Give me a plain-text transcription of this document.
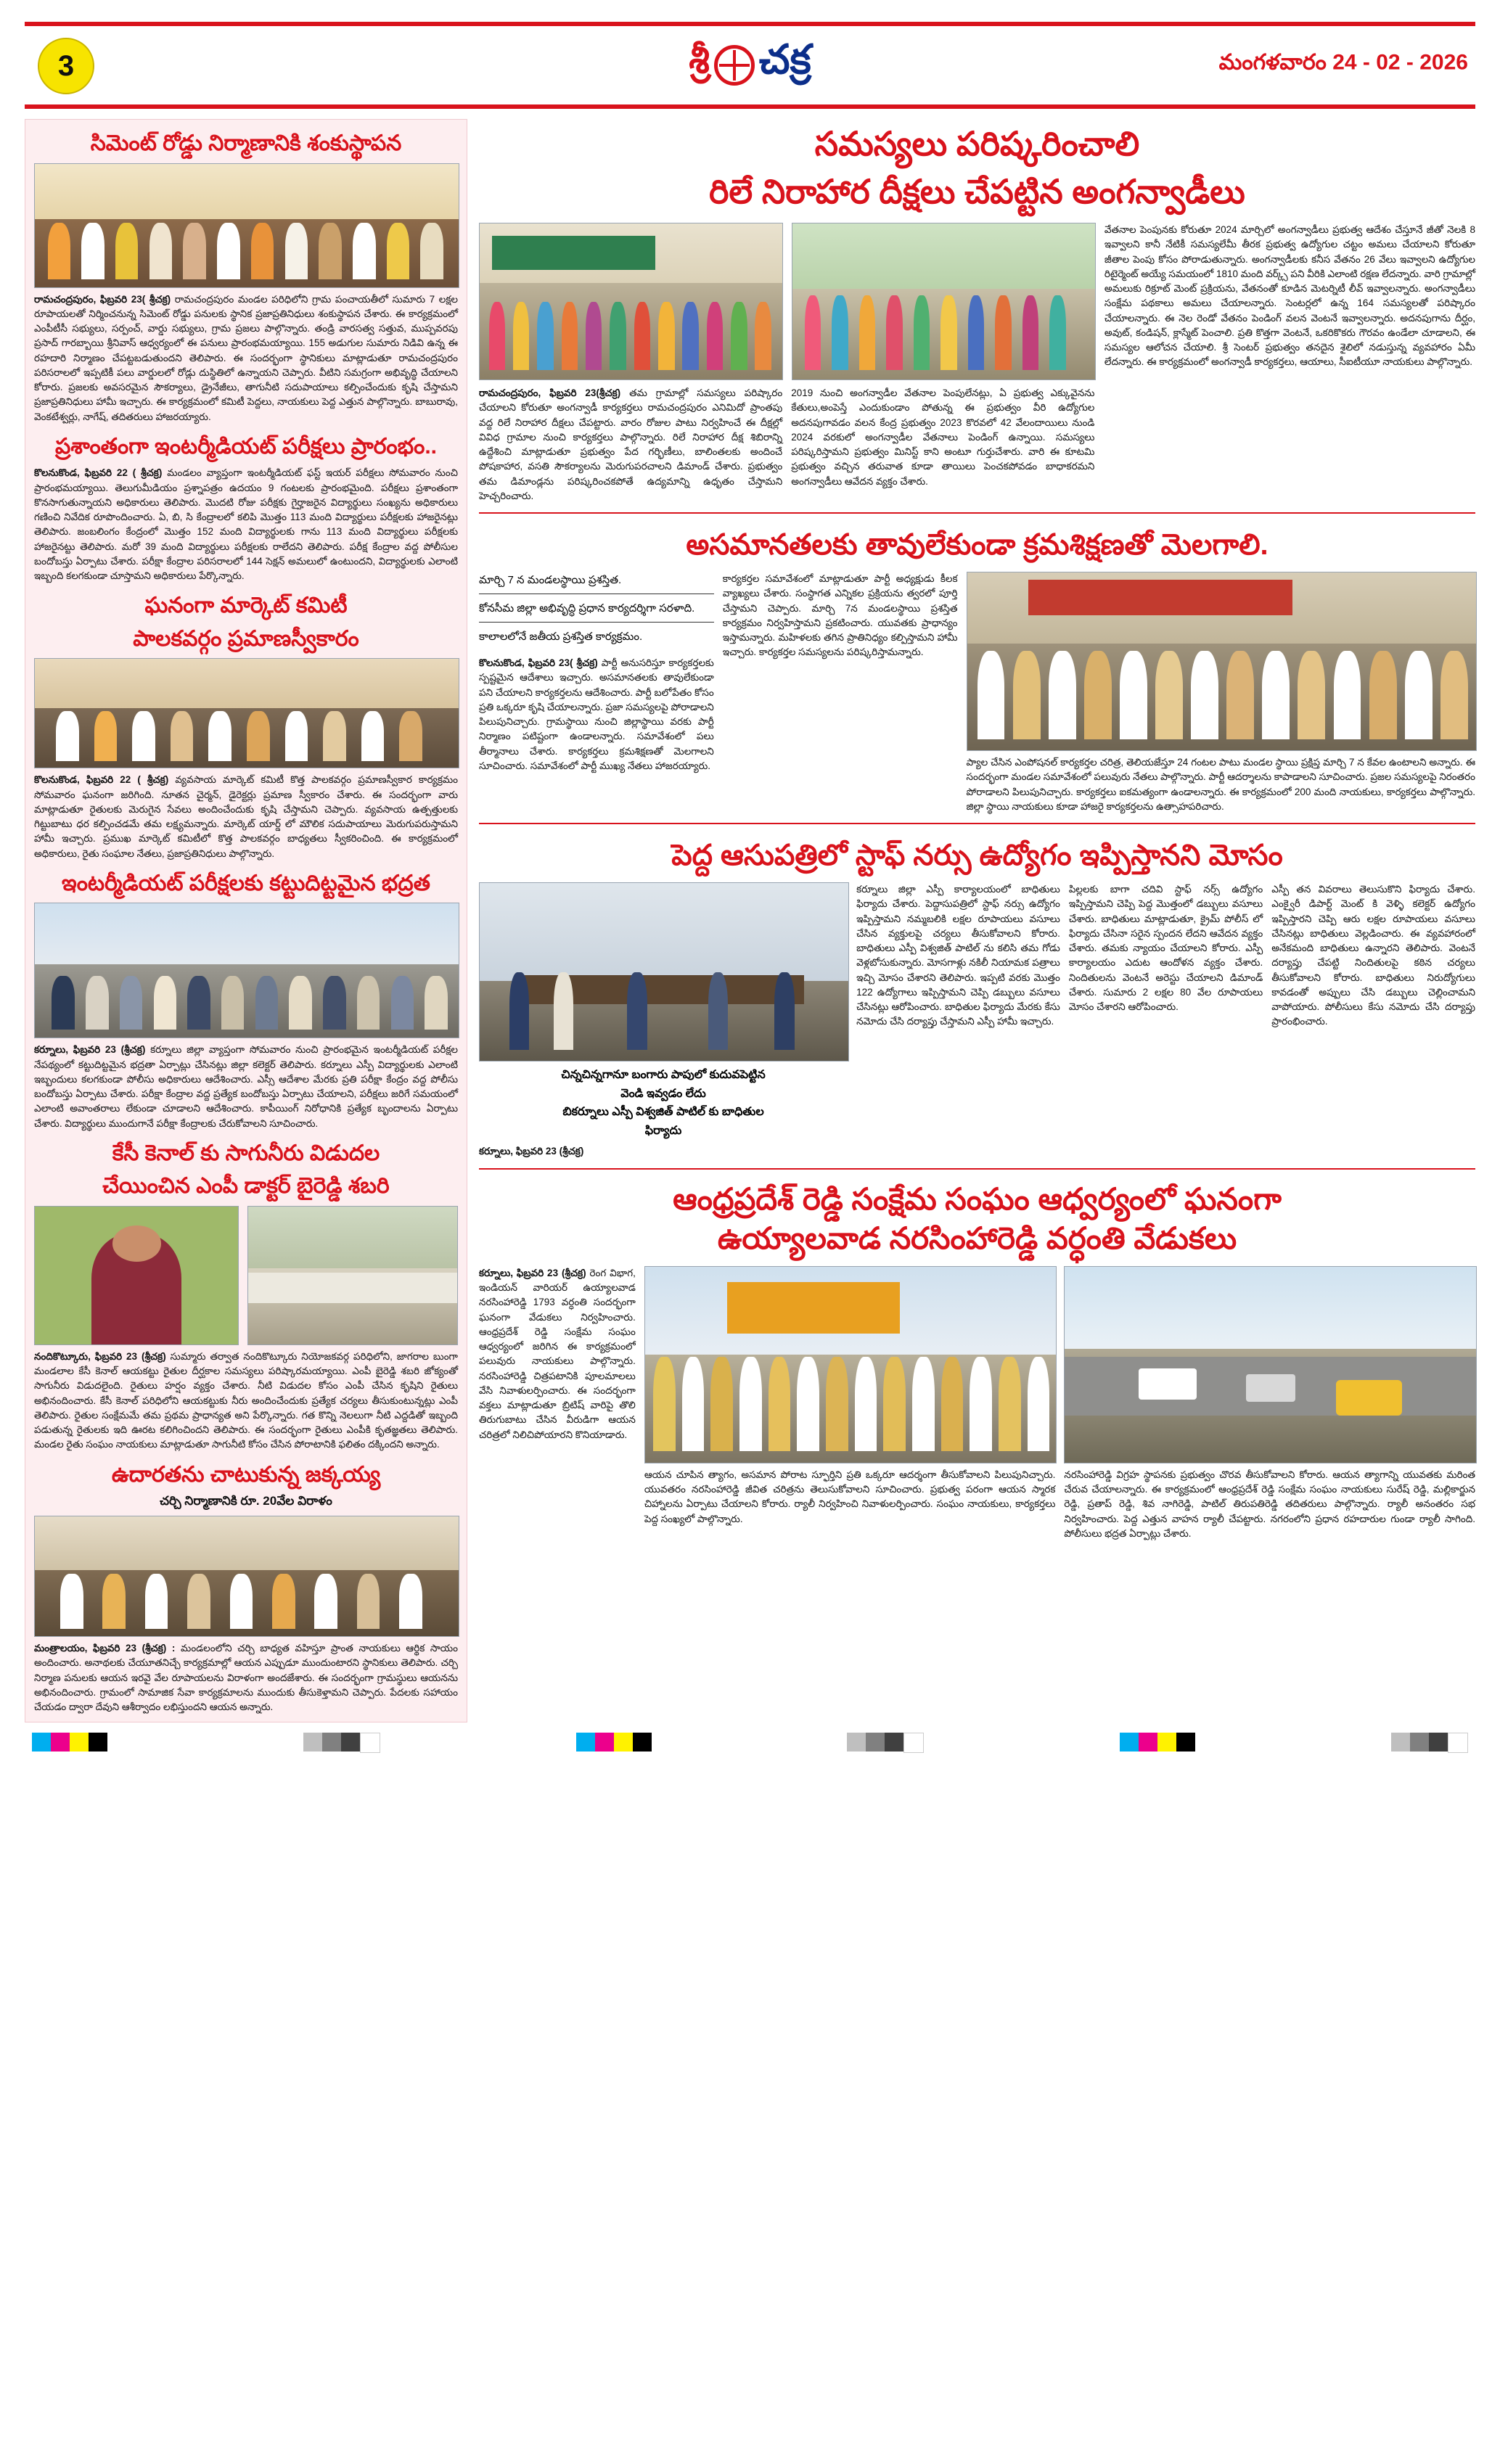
3	శ్రీ చక్ర	మంగళవారం 24 - 02 - 2026
సిమెంట్ రోడ్డు నిర్మాణానికి శంకుస్థాపన
రామచంద్రపురం, ఫిబ్రవరి 23( శ్రీచక్ర) రామచంద్రపురం మండల పరిధిలోని గ్రామ పంచాయతీలో సుమారు 7 లక్షల రూపాయలతో నిర్మించనున్న సిమెంట్ రోడ్డు పనులకు స్థానిక ప్రజాప్రతినిధులు శంకుస్థాపన చేశారు. ఈ కార్యక్రమంలో ఎంపీటీసీ సభ్యులు, సర్పంచ్, వార్డు సభ్యులు, గ్రామ ప్రజలు పాల్గొన్నారు. తండ్రి వారసత్వ సత్తువ, ముప్పవరపు ప్రసాద్ గారబ్బాయి శ్రీనివాస్ ఆధ్వర్యంలో ఈ పనులు ప్రారంభమయ్యాయి. 155 అడుగుల సుమారు నిడివి ఉన్న ఈ రహదారి నిర్మాణం చేపట్టబడుతుందని తెలిపారు. ఈ సందర్భంగా స్థానికులు మాట్లాడుతూ రామచంద్రపురం పరిసరాలలో ఇప్పటికీ పలు వార్డులలో రోడ్లు దుస్థితిలో ఉన్నాయని చెప్పారు. వీటిని సమగ్రంగా అభివృద్ధి చేయాలని కోరారు. ప్రజలకు అవసరమైన సౌకర్యాలు, డ్రైనేజీలు, తాగునీటి సదుపాయాలు కల్పించేందుకు కృషి చేస్తామని ప్రజాప్రతినిధులు హామీ ఇచ్చారు. ఈ కార్యక్రమంలో కమిటీ పెద్దలు, నాయకులు పెద్ద ఎత్తున పాల్గొన్నారు. బాబురావు, వెంకటేశ్వర్లు, నాగేష్, తదితరులు హాజరయ్యారు.
ప్రశాంతంగా ఇంటర్మీడియట్ పరీక్షలు ప్రారంభం..
కొలనుకొండ, ఫిబ్రవరి 22 ( శ్రీచక్ర) మండలం వ్యాప్తంగా ఇంటర్మీడియట్ ఫస్ట్ ఇయర్ పరీక్షలు సోమవారం నుంచి ప్రారంభమయ్యాయి. తెలుగుమీడియం ప్రశ్నాపత్రం ఉదయం 9 గంటలకు ప్రారంభమైంది. పరీక్షలు ప్రశాంతంగా కొనసాగుతున్నాయని అధికారులు తెలిపారు. మొదటి రోజు పరీక్షకు గైర్హాజరైన విద్యార్థులు సంఖ్యను అధికారులు గణించి నివేదిక రూపొందించారు. ఏ, బి, సి కేంద్రాలలో కలిపి మొత్తం 113 మంది విద్యార్థులు పరీక్షలకు హాజరైనట్లు తెలిపారు. జంబలింగం కేంద్రంలో మొత్తం 152 మంది విద్యార్థులకు గాను 113 మంది విద్యార్థులు పరీక్షలకు హాజరైనట్టు తెలిపారు. మరో 39 మంది విద్యార్థులు పరీక్షలకు రాలేదని తెలిపారు. పరీక్ష కేంద్రాల వద్ద పోలీసుల బందోబస్తు ఏర్పాటు చేశారు. పరీక్షా కేంద్రాల పరిసరాలలో 144 సెక్షన్ అమలులో ఉంటుందని, విద్యార్థులకు ఎలాంటి ఇబ్బంది కలగకుండా చూస్తామని అధికారులు పేర్కొన్నారు.
ఘనంగా మార్కెట్ కమిటీ
పాలకవర్గం ప్రమాణస్వీకారం
కొలనుకొండ, ఫిబ్రవరి 22 ( శ్రీచక్ర) వ్యవసాయ మార్కెట్ కమిటీ కొత్త పాలకవర్గం ప్రమాణస్వీకార కార్యక్రమం సోమవారం ఘనంగా జరిగింది. నూతన చైర్మన్, డైరెక్టర్లు ప్రమాణ స్వీకారం చేశారు. ఈ సందర్భంగా వారు మాట్లాడుతూ రైతులకు మెరుగైన సేవలు అందించేందుకు కృషి చేస్తామని చెప్పారు. వ్యవసాయ ఉత్పత్తులకు గిట్టుబాటు ధర కల్పించడమే తమ లక్ష్యమన్నారు. మార్కెట్ యార్డ్ లో మౌలిక సదుపాయాలు మెరుగుపరుస్తామని హామీ ఇచ్చారు. ప్రముఖ మార్కెట్ కమిటీలో కొత్త పాలకవర్గం బాధ్యతలు స్వీకరించింది. ఈ కార్యక్రమంలో అధికారులు, రైతు సంఘాల నేతలు, ప్రజాప్రతినిధులు పాల్గొన్నారు.
ఇంటర్మీడియట్ పరీక్షలకు కట్టుదిట్టమైన భద్రత
కర్నూలు, ఫిబ్రవరి 23 (శ్రీచక్ర) కర్నూలు జిల్లా వ్యాప్తంగా సోమవారం నుంచి ప్రారంభమైన ఇంటర్మీడియట్ పరీక్షల నేపథ్యంలో కట్టుదిట్టమైన భద్రతా ఏర్పాట్లు చేసినట్లు జిల్లా కలెక్టర్ తెలిపారు. కర్నూలు ఎస్పీ విద్యార్థులకు ఎలాంటి ఇబ్బందులు కలగకుండా పోలీసు అధికారులు ఆదేశించారు. ఎస్సీ ఆదేశాల మేరకు ప్రతి పరీక్షా కేంద్రం వద్ద పోలీసు బందోబస్తు ఏర్పాటు చేశారు. పరీక్షా కేంద్రాల వద్ద ప్రత్యేక బందోబస్తు ఏర్పాటు చేయాలని, పరీక్షలు జరిగే సమయంలో ఎలాంటి అవాంతరాలు లేకుండా చూడాలని ఆదేశించారు. కాపీయింగ్ నిరోధానికి ప్రత్యేక బృందాలను ఏర్పాటు చేశారు. విద్యార్థులు ముందుగానే పరీక్షా కేంద్రాలకు చేరుకోవాలని సూచించారు.
కేసీ కెనాల్ కు సాగునీరు విడుదల
చేయించిన ఎంపీ డాక్టర్ బైరెడ్డి శబరి
నందికొట్కూరు, ఫిబ్రవరి 23 (శ్రీచక్ర) సుమ్మారు తర్వాత నందికొట్కూరు నియోజకవర్గ పరిధిలోని, జాగరాల బుంగా మండలాల కేసీ కెనాల్ ఆయకట్టు రైతుల దీర్ఘకాల సమస్యలు పరిష్కారమయ్యాయి. ఎంపీ బైరెడ్డి శబరి జోక్యంతో సాగునీరు విడుదలైంది. రైతులు హర్షం వ్యక్తం చేశారు. నీటి విడుదల కోసం ఎంపీ చేసిన కృషిని రైతులు అభినందించారు. కేసీ కెనాల్ పరిధిలోని ఆయకట్టుకు నీరు అందించేందుకు ప్రత్యేక చర్యలు తీసుకుంటున్నట్లు ఎంపీ తెలిపారు. రైతుల సంక్షేమమే తమ ప్రథమ ప్రాధాన్యత అని పేర్కొన్నారు. గత కొన్ని నెలలుగా నీటి ఎద్దడితో ఇబ్బంది పడుతున్న రైతులకు ఇది ఊరట కలిగించిందని తెలిపారు. ఈ సందర్భంగా రైతులు ఎంపీకి కృతజ్ఞతలు తెలిపారు. మండల రైతు సంఘం నాయకులు మాట్లాడుతూ సాగునీటి కోసం చేసిన పోరాటానికి ఫలితం దక్కిందని అన్నారు.
ఉదారతను చాటుకున్న జక్కయ్య
చర్చి నిర్మాణానికి రూ. 20వేల విరాళం
మంత్రాలయం, ఫిబ్రవరి 23 (శ్రీచక్ర) : మండలంలోని చర్చి బాధ్యత వహిస్తూ ప్రాంత నాయకులు ఆర్థిక సాయం అందించారు. అనాథలకు చేయూతనిచ్చే కార్యక్రమాల్లో ఆయన ఎప్పుడూ ముందుంటారని స్థానికులు తెలిపారు. చర్చి నిర్మాణ పనులకు ఆయన ఇరవై వేల రూపాయలను విరాళంగా అందజేశారు. ఈ సందర్భంగా గ్రామస్థులు ఆయనను అభినందించారు. గ్రామంలో సామాజిక సేవా కార్యక్రమాలను ముందుకు తీసుకెళ్తామని చెప్పారు. పేదలకు సహాయం చేయడం ద్వారా దేవుని ఆశీర్వాదం లభిస్తుందని ఆయన అన్నారు.
సమస్యలు పరిష్కరించాలి
రిలే నిరాహార దీక్షలు చేపట్టిన అంగన్వాడీలు
వేతనాల పెంపునకు కోరుతూ 2024 మార్చిలో అంగన్వాడీలు ప్రభుత్వ ఆదేశం చేస్తూనే జీతో నెలకి 8 ఇవ్వాలని కానీ నేటికీ సమస్యలేమీ తీరక ప్రభుత్వ ఉద్యోగుల చట్టం అమలు చేయాలని కోరుతూ జీతాల పెంపు కోసం పోరాడుతున్నారు. అంగన్వాడీలకు కనీస వేతనం 26 వేలు ఇవ్వాలని ఉద్యోగుల రిటైర్మెంట్ అయ్యే సమయంలో 1810 మంది వర్క్స్ పని వీరికి ఎలాంటి రక్షణ లేదన్నారు. వారి గ్రామాల్లో అమలుకు రిక్రూట్ మెంట్ ప్రక్రియను, వేతనంతో కూడిన మెటర్నిటీ లీవ్ ఇవ్వాలన్నారు. అంగన్వాడీలు సంక్షేమ పథకాలు అమలు చేయాలన్నారు. సెంటర్లలో ఉన్న 164 సమస్యలతో పరిష్కారం చేయాలన్నారు. ఈ నెల రెండో వేతనం పెండింగ్ వలన వెంటనే ఇవ్వాలన్నారు. అదనపుగాను దీర్ఘం, అవుట్, కండిషన్, క్లాస్మేట్ పెంచాలి. ప్రతి కొత్తగా వెంటనే, ఒకరికొకరు గౌరవం ఉండేలా చూడాలని, ఈ సమస్యల ఆలోచన చేయాలి. శ్రీ సెంటర్ ప్రభుత్వం తనదైన శైలిలో నడుస్తున్న వ్యవహారం ఏమీ లేదన్నారు. ఈ కార్యక్రమంలో అంగన్వాడీ కార్యకర్తలు, ఆయాలు, సీఐటీయూ నాయకులు పాల్గొన్నారు.
రామచంద్రపురం, ఫిబ్రవరి 23(శ్రీచక్ర) తమ గ్రామాల్లో సమస్యలు పరిష్కారం చేయాలని కోరుతూ అంగన్వాడీ కార్యకర్తలు రామచంద్రపురం ఎనిమిదో ప్రాంతపు వద్ద రిలే నిరాహార దీక్షలు చేపట్టారు. వారం రోజుల పాటు నిర్వహించే ఈ దీక్షల్లో వివిధ గ్రామాల నుంచి కార్యకర్తలు పాల్గొన్నారు. రిలే నిరాహార దీక్ష శిబిరాన్ని ఉద్దేశించి మాట్లాడుతూ ప్రభుత్వం పేద గర్భిణీలు, బాలింతలకు అందించే పోషకాహార, వసతి సౌకర్యాలను మెరుగుపరచాలని డిమాండ్ చేశారు. ప్రభుత్వం తమ డిమాండ్లను పరిష్కరించకపోతే ఉద్యమాన్ని ఉధృతం చేస్తామని హెచ్చరించారు.
2019 నుంచి అంగన్వాడీల వేతనాల పెంపులేనట్లు, ఏ ప్రభుత్వ ఎక్కువైనను కేతులు,అంపెస్తే ఎందుకుండాం పోతున్న ఈ ప్రభుత్వం వీరి ఉద్యోగుల అదనపుగావడం వలన కేంద్ర ప్రభుత్వం 2023 కొరవలో 42 వేలందాయిలు నుండి 2024 వరకులో అంగన్వాడీల వేతనాలు పెండింగ్ ఉన్నాయి. సమస్యలు పరిష్కరిస్తామని ప్రభుత్వం మినిస్ట్ కాని అంటూ గుర్తుచేశారు. వారి ఈ కూటమి ప్రభుత్వం వచ్చిన తరువాత కూడా తాయిలు పెంచకపోవడం బాధాకరమని అంగన్వాడీలు ఆవేదన వ్యక్తం చేశారు.
అసమానతలకు తావులేకుండా క్రమశిక్షణతో మెలగాలి.
మార్చి 7 న మండలస్థాయి ప్రశస్తిత.
కోనసీమ జిల్లా అభివృద్ధి ప్రధాన కార్యదర్శిగా సరళాది.
కాలాలలోనే జతీయ ప్రశస్తిత కార్యక్రమం.
కొలనుకొండ, ఫిబ్రవరి 23( శ్రీచక్ర) పార్టీ అనుసరిస్తూ కార్యకర్తలకు స్పష్టమైన ఆదేశాలు ఇచ్చారు. అసమానతలకు తావులేకుండా పని చేయాలని కార్యకర్తలను ఆదేశించారు. పార్టీ బలోపేతం కోసం ప్రతి ఒక్కరూ కృషి చేయాలన్నారు. ప్రజా సమస్యలపై పోరాడాలని పిలుపునిచ్చారు. గ్రామస్థాయి నుంచి జిల్లాస్థాయి వరకు పార్టీ నిర్మాణం పటిష్టంగా ఉండాలన్నారు. సమావేశంలో పలు తీర్మానాలు చేశారు. కార్యకర్తలు క్రమశిక్షణతో మెలగాలని సూచించారు. సమావేశంలో పార్టీ ముఖ్య నేతలు హాజరయ్యారు.
కార్యకర్తల సమావేశంలో మాట్లాడుతూ పార్టీ అధ్యక్షుడు కీలక వ్యాఖ్యలు చేశారు. సంస్థాగత ఎన్నికల ప్రక్రియను త్వరలో పూర్తి చేస్తామని చెప్పారు. మార్చి 7న మండలస్థాయి ప్రశస్తిత కార్యక్రమం నిర్వహిస్తామని ప్రకటించారు. యువతకు ప్రాధాన్యం ఇస్తామన్నారు. మహిళలకు తగిన ప్రాతినిధ్యం కల్పిస్తామని హామీ ఇచ్చారు. కార్యకర్తల సమస్యలను పరిష్కరిస్తామన్నారు.
ప్యాల చేసిన ఎంపోషనల్ కార్యకర్తల చరిత్ర, తెలియజేస్తూ 24 గంటల పాటు మండల స్థాయి ప్రక్షిప్త మార్చి 7 న కేవల ఉంటాలని అన్నారు. ఈ సందర్భంగా మండల సమావేశంలో పలువురు నేతలు పాల్గొన్నారు. పార్టీ ఆదర్శాలను కాపాడాలని సూచించారు. ప్రజల సమస్యలపై నిరంతరం పోరాడాలని పిలుపునిచ్చారు. కార్యకర్తలు ఐకమత్యంగా ఉండాలన్నారు. ఈ కార్యక్రమంలో 200 మంది నాయకులు, కార్యకర్తలు పాల్గొన్నారు. జిల్లా స్థాయి నాయకులు కూడా హాజరై కార్యకర్తలను ఉత్సాహపరిచారు.
పెద్ద ఆసుపత్రిలో స్టాఫ్ నర్సు ఉద్యోగం ఇప్పిస్తానని మోసం
చిన్నచిన్నగానూ బంగారు పాపులో కుదువపెట్టిన
వెండి ఇవ్వడం లేదు
బికర్నూలు ఎస్పీ విశ్వజిత్ పాటిల్ కు బాధితుల
ఫిర్యాదు
కర్నూలు, ఫిబ్రవరి 23 (శ్రీచక్ర)
కర్నూలు జిల్లా ఎస్పీ కార్యాలయంలో బాధితులు ఫిర్యాదు చేశారు. పెద్దాసుపత్రిలో స్టాఫ్ నర్సు ఉద్యోగం ఇప్పిస్తామని నమ్మబలికి లక్షల రూపాయలు వసూలు చేసిన వ్యక్తులపై చర్యలు తీసుకోవాలని కోరారు. బాధితులు ఎస్పీ విశ్వజిత్ పాటిల్ ను కలిసి తమ గోడు వెళ్లబోసుకున్నారు. మోసగాళ్లు నకిలీ నియామక పత్రాలు ఇచ్చి మోసం చేశారని తెలిపారు. ఇప్పటి వరకు మొత్తం 122 ఉద్యోగాలు ఇప్పిస్తామని చెప్పి డబ్బులు వసూలు చేసినట్లు ఆరోపించారు. బాధితుల ఫిర్యాదు మేరకు కేసు నమోదు చేసి దర్యాప్తు చేస్తామని ఎస్పీ హామీ ఇచ్చారు.
పిల్లలకు బాగా చదివి స్టాఫ్ నర్స్ ఉద్యోగం ఇప్పిస్తామని చెప్పి పెద్ద మొత్తంలో డబ్బులు వసూలు చేశారు. బాధితులు మాట్లాడుతూ, క్రైమ్ పోలీస్ లో ఫిర్యాదు చేసినా సరైన స్పందన లేదని ఆవేదన వ్యక్తం చేశారు. తమకు న్యాయం చేయాలని కోరారు. ఎస్పీ కార్యాలయం ఎదుట ఆందోళన వ్యక్తం చేశారు. నిందితులను వెంటనే అరెస్టు చేయాలని డిమాండ్ చేశారు. సుమారు 2 లక్షల 80 వేల రూపాయలు మోసం చేశారని ఆరోపించారు.
ఎస్పీ తన వివరాలు తెలుసుకొని ఫిర్యాదు చేశారు. ఎంక్వైరీ డిపార్ట్ మెంట్ కి వెళ్ళి కలెక్టర్ ఉద్యోగం ఇప్పిస్తారని చెప్పి ఆరు లక్షల రూపాయలు వసూలు చేసినట్లు బాధితులు వెల్లడించారు. ఈ వ్యవహారంలో అనేకమంది బాధితులు ఉన్నారని తెలిపారు. వెంటనే దర్యాప్తు చేపట్టి నిందితులపై కఠిన చర్యలు తీసుకోవాలని కోరారు. బాధితులు నిరుద్యోగులు కావడంతో అప్పులు చేసి డబ్బులు చెల్లించామని వాపోయారు. పోలీసులు కేసు నమోదు చేసి దర్యాప్తు ప్రారంభించారు.
ఆంధ్రప్రదేశ్ రెడ్డి సంక్షేమ సంఘం ఆధ్వర్యంలో ఘనంగా
ఉయ్యాలవాడ నరసింహారెడ్డి వర్ధంతి వేడుకలు
కర్నూలు, ఫిబ్రవరి 23 (శ్రీచక్ర) రెంగ విభాగ, ఇండియన్ వారియర్ ఉయ్యాలవాడ నరసింహారెడ్డి 1793 వర్ధంతి సందర్భంగా ఘనంగా వేడుకలు నిర్వహించారు. ఆంధ్రప్రదేశ్ రెడ్డి సంక్షేమ సంఘం ఆధ్వర్యంలో జరిగిన ఈ కార్యక్రమంలో పలువురు నాయకులు పాల్గొన్నారు. నరసింహారెడ్డి చిత్రపటానికి పూలమాలలు వేసి నివాళులర్పించారు. ఈ సందర్భంగా వక్తలు మాట్లాడుతూ బ్రిటిష్ వారిపై తొలి తిరుగుబాటు చేసిన వీరుడిగా ఆయన చరిత్రలో నిలిచిపోయారని కొనియాడారు.
ఆయన చూపిన త్యాగం, అసమాన పోరాట స్ఫూర్తిని ప్రతి ఒక్కరూ ఆదర్శంగా తీసుకోవాలని పిలుపునిచ్చారు. యువతరం నరసింహారెడ్డి జీవిత చరిత్రను తెలుసుకోవాలని సూచించారు. ప్రభుత్వ పరంగా ఆయన స్మారక చిహ్నాలను ఏర్పాటు చేయాలని కోరారు. ర్యాలీ నిర్వహించి నివాళులర్పించారు. సంఘం నాయకులు, కార్యకర్తలు పెద్ద సంఖ్యలో పాల్గొన్నారు.
నరసింహారెడ్డి విగ్రహ స్థాపనకు ప్రభుత్వం చొరవ తీసుకోవాలని కోరారు. ఆయన త్యాగాన్ని యువతకు మరింత చేరువ చేయాలన్నారు. ఈ కార్యక్రమంలో ఆంధ్రప్రదేశ్ రెడ్డి సంక్షేమ సంఘం నాయకులు సురేష్ రెడ్డి, మల్లికార్జున రెడ్డి, ప్రతాప్ రెడ్డి, శివ నాగిరెడ్డి, పాటిల్ తిరుపతిరెడ్డి తదితరులు పాల్గొన్నారు. ర్యాలీ అనంతరం సభ నిర్వహించారు. పెద్ద ఎత్తున వాహన ర్యాలీ చేపట్టారు. నగరంలోని ప్రధాన రహదారుల గుండా ర్యాలీ సాగింది. పోలీసులు భద్రత ఏర్పాట్లు చేశారు.
